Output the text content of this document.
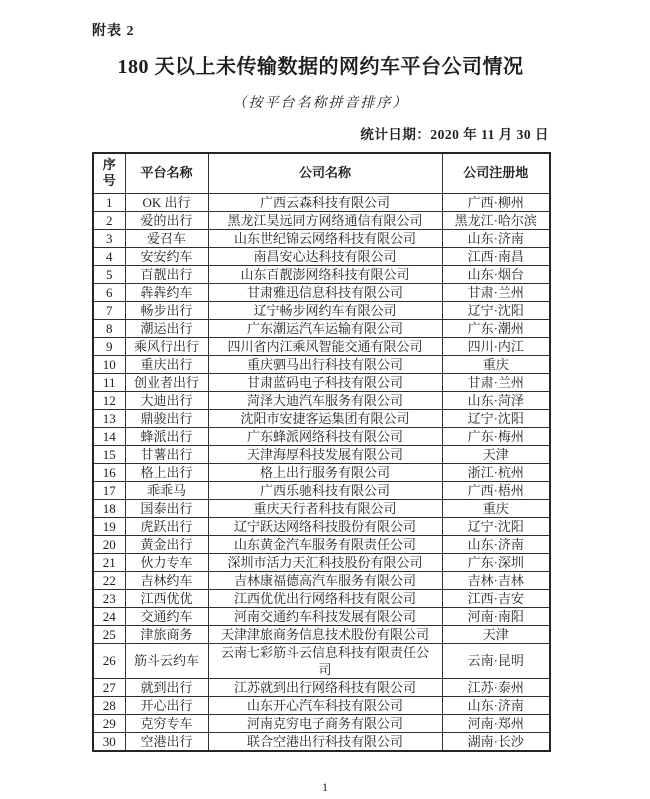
附表 2
180 天以上未传输数据的网约车平台公司情况
（按平台名称拼音排序）
统计日期：2020 年 11 月 30 日
序号	平台名称	公司名称	公司注册地
1	OK 出行	广西云森科技有限公司	广西·柳州
2	爱的出行	黑龙江昊远同方网络通信有限公司	黑龙江·哈尔滨
3	爱召车	山东世纪锦云网络科技有限公司	山东·济南
4	安安约车	南昌安心达科技有限公司	江西·南昌
5	百靓出行	山东百靓澎网络科技有限公司	山东·烟台
6	犇犇约车	甘肃雅迅信息科技有限公司	甘肃·兰州
7	畅步出行	辽宁畅步网约车有限公司	辽宁·沈阳
8	潮运出行	广东潮运汽车运输有限公司	广东·潮州
9	乘风行出行	四川省内江乘风智能交通有限公司	四川·内江
10	重庆出行	重庆驷马出行科技有限公司	重庆
11	创业者出行	甘肃蓝码电子科技有限公司	甘肃·兰州
12	大迪出行	菏泽大迪汽车服务有限公司	山东·菏泽
13	鼎骏出行	沈阳市安捷客运集团有限公司	辽宁·沈阳
14	蜂派出行	广东蜂派网络科技有限公司	广东·梅州
15	甘薯出行	天津海厚科技发展有限公司	天津
16	格上出行	格上出行服务有限公司	浙江·杭州
17	乖乖马	广西乐驰科技有限公司	广西·梧州
18	国泰出行	重庆天行者科技有限公司	重庆
19	虎跃出行	辽宁跃达网络科技股份有限公司	辽宁·沈阳
20	黄金出行	山东黄金汽车服务有限责任公司	山东·济南
21	伙力专车	深圳市活力天汇科技股份有限公司	广东·深圳
22	吉林约车	吉林康福德高汽车服务有限公司	吉林·吉林
23	江西优优	江西优优出行网络科技有限公司	江西·吉安
24	交通约车	河南交通约车科技发展有限公司	河南·南阳
25	津旅商务	天津津旅商务信息技术股份有限公司	天津
26	筋斗云约车	云南七彩筋斗云信息科技有限责任公司	云南·昆明
27	就到出行	江苏就到出行网络科技有限公司	江苏·泰州
28	开心出行	山东开心汽车科技有限公司	山东·济南
29	克穷专车	河南克穷电子商务有限公司	河南·郑州
30	空港出行	联合空港出行科技有限公司	湖南·长沙
1
